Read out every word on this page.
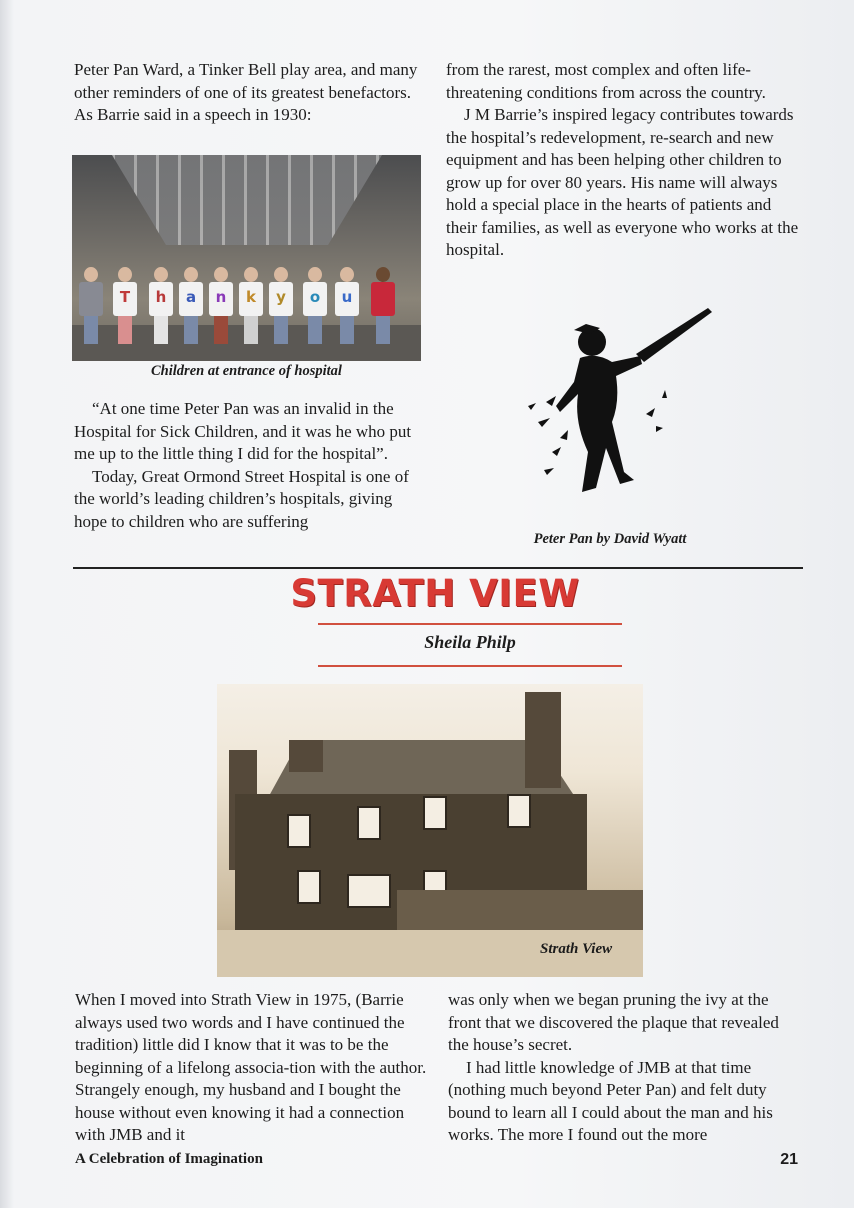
Peter Pan Ward, a Tinker Bell play area, and many other reminders of one of its greatest benefactors. As Barrie said in a speech in 1930:

T	h	a	n	k	y	o	u
Children at entrance of hospital

“At one time Peter Pan was an invalid in the Hospital for Sick Children, and it was he who put me up to the little thing I did for the hospital”.

Today, Great Ormond Street Hospital is one of the world’s leading children’s hospitals, giving hope to children who are suffering

from the rarest, most complex and often life-threatening conditions from across the country.

J M Barrie’s inspired legacy contributes towards the hospital’s redevelopment, re-search and new equipment and has been helping other children to grow up for over 80 years. His name will always hold a special place in the hearts of patients and their families, as well as everyone who works at the hospital.

Peter Pan by David Wyatt
STRATH VIEW
Sheila Philp
Strath View

When I moved into Strath View in 1975, (Barrie always used two words and I have continued the tradition) little did I know that it was to be the beginning of a lifelong associa-tion with the author. Strangely enough, my husband and I bought the house without even knowing it had a connection with JMB and it

was only when we began pruning the ivy at the front that we discovered the plaque that revealed the house’s secret.

I had little knowledge of JMB at that time (nothing much beyond Peter Pan) and felt duty bound to learn all I could about the man and his works. The more I found out the more

A Celebration of Imagination	21
